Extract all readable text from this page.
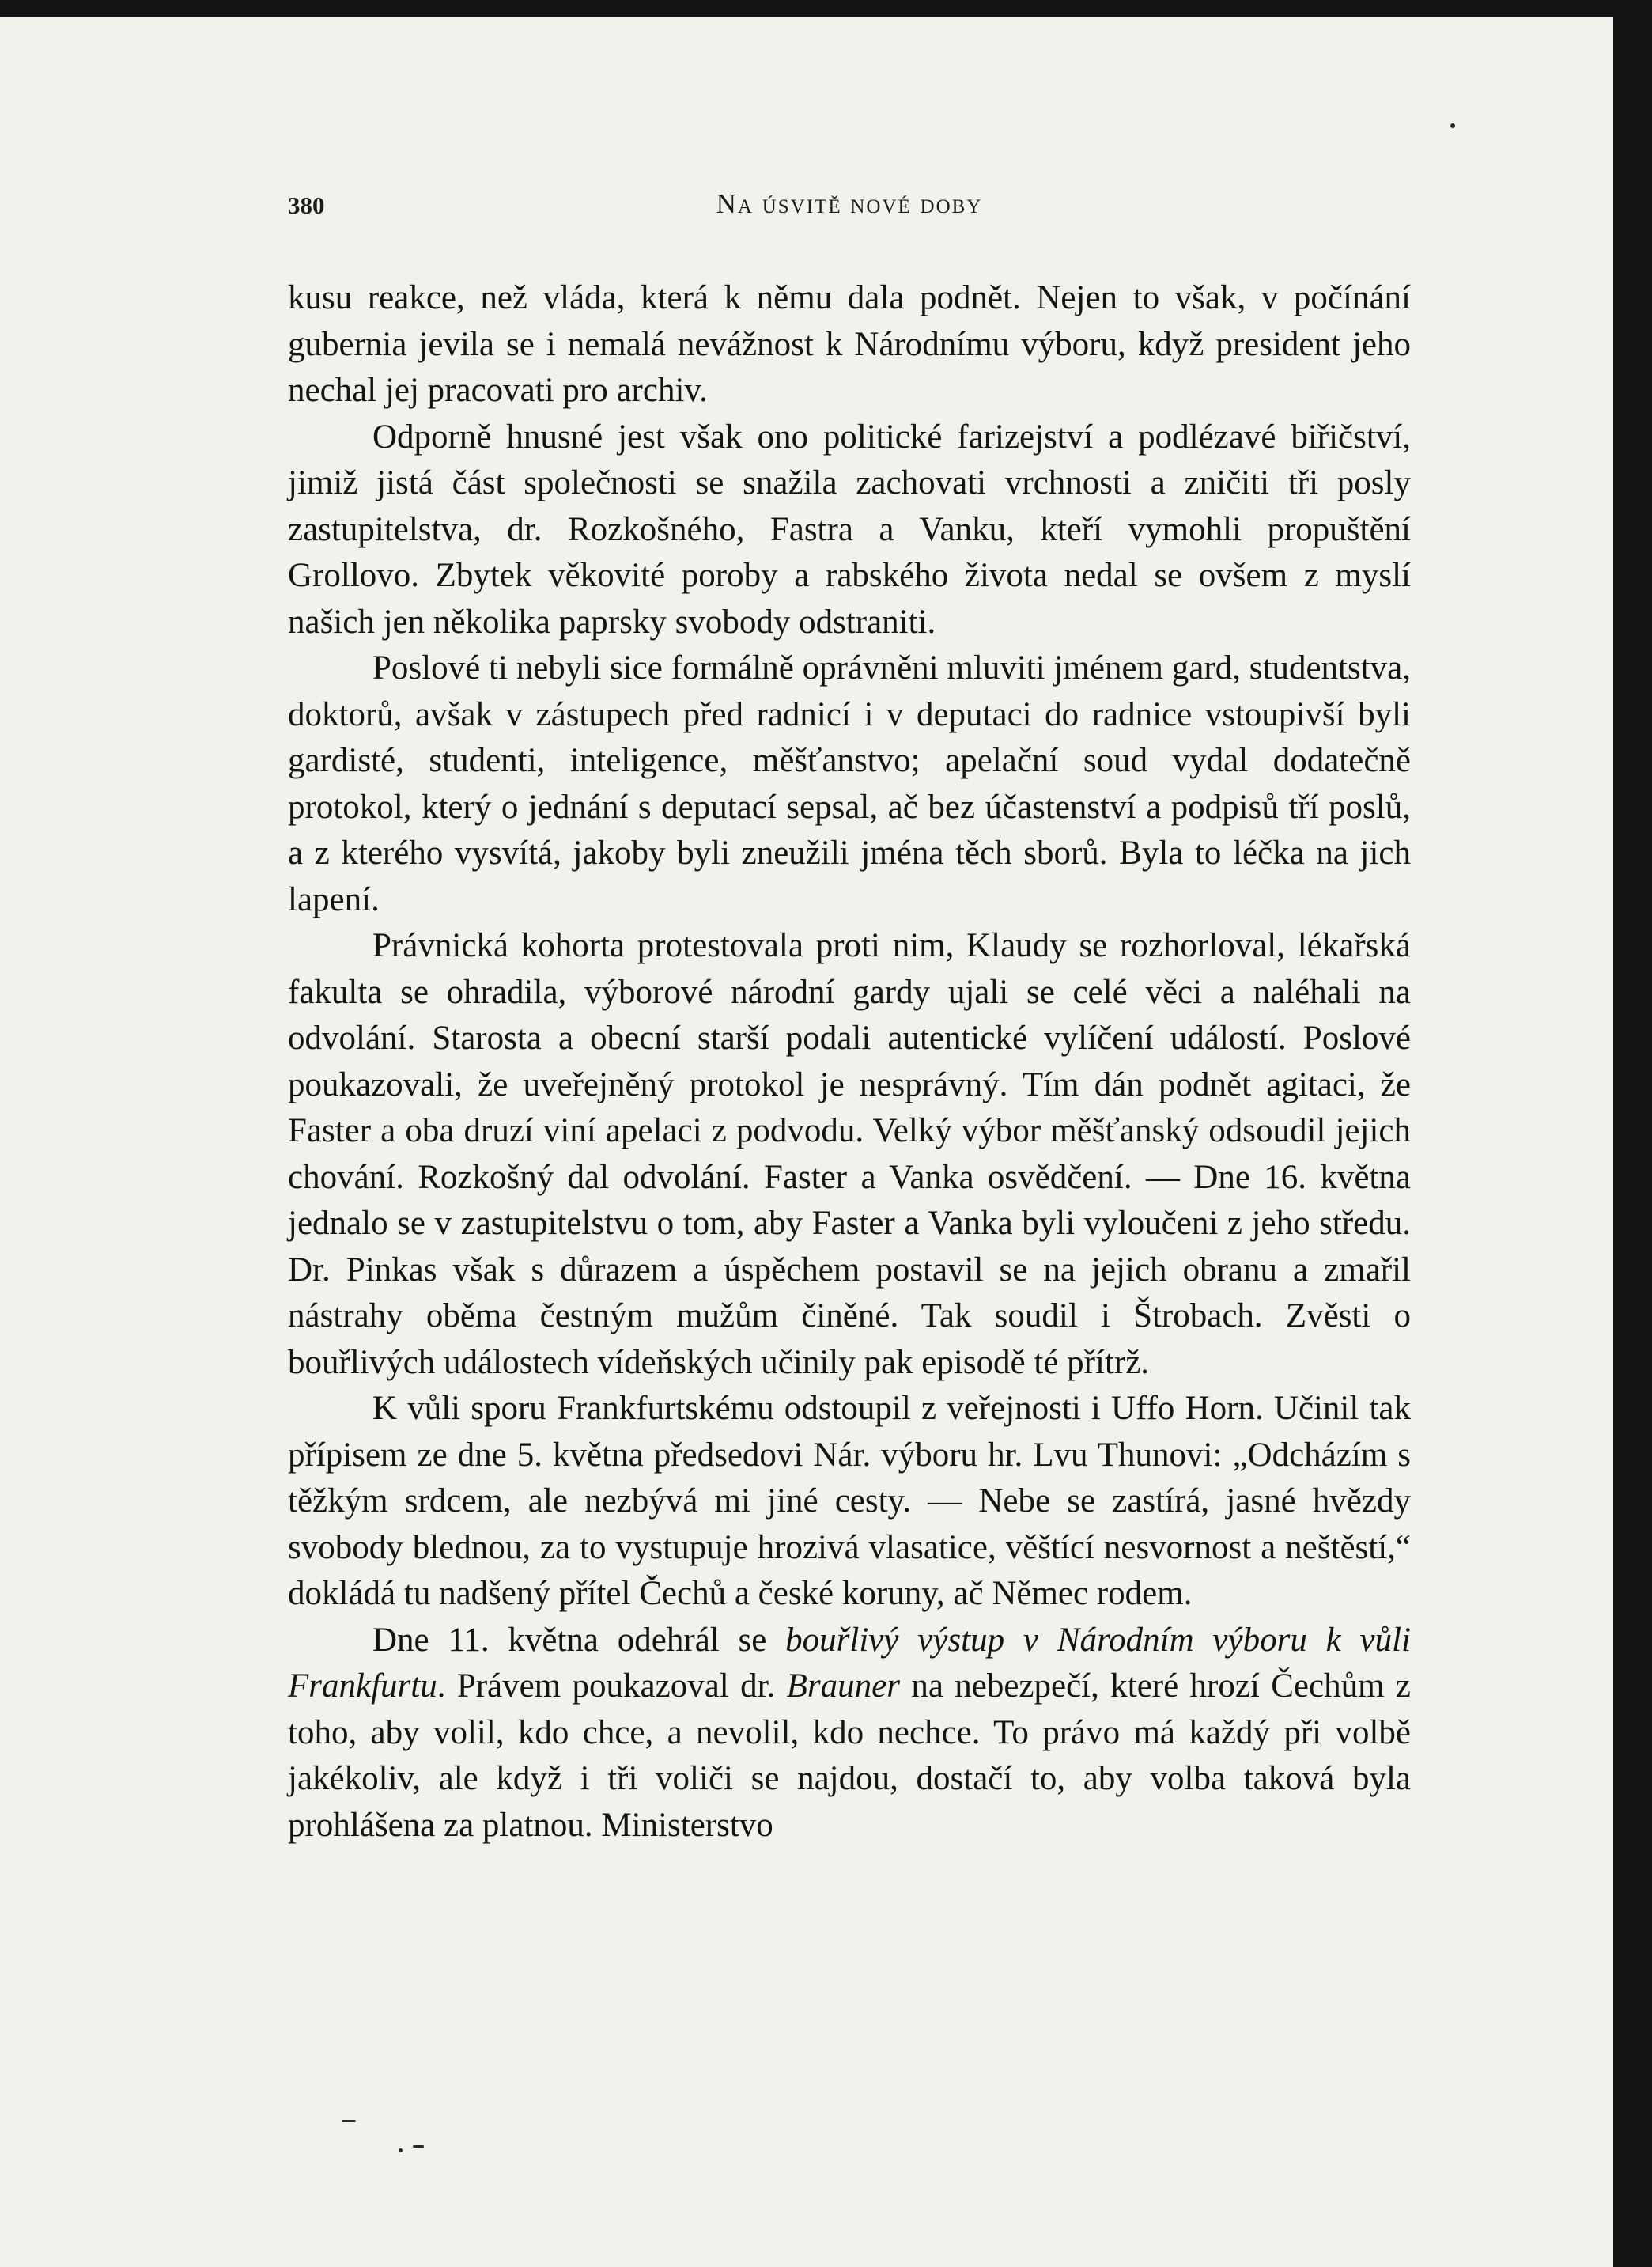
380	Na úsvitě nové doby

kusu reakce, než vláda, která k němu dala podnět. Nejen to však, v počínání gubernia jevila se i nemalá nevážnost k Národnímu výboru, když president jeho nechal jej pracovati pro archiv.

Odporně hnusné jest však ono politické farizejství a podlézavé biřičství, jimiž jistá část společnosti se snažila zachovati vrchnosti a zničiti tři posly zastupitelstva, dr. Rozkošného, Fastra a Vanku, kteří vymohli propuštění Grollovo. Zbytek věkovité poroby a rabského života nedal se ovšem z myslí našich jen několika paprsky svobody odstraniti.

Poslové ti nebyli sice formálně oprávněni mluviti jménem gard, studentstva, doktorů, avšak v zástupech před radnicí i v deputaci do radnice vstoupivší byli gardisté, studenti, inteligence, měšťanstvo; apelační soud vydal dodatečně protokol, který o jednání s deputací sepsal, ač bez účastenství a podpisů tří poslů, a z kterého vysvítá, jakoby byli zneužili jména těch sborů. Byla to léčka na jich lapení.

Právnická kohorta protestovala proti nim, Klaudy se rozhorloval, lékařská fakulta se ohradila, výborové národní gardy ujali se celé věci a naléhali na odvolání. Starosta a obecní starší podali autentické vylíčení událostí. Poslové poukazovali, že uveřejněný protokol je nesprávný. Tím dán podnět agitaci, že Faster a oba druzí viní apelaci z podvodu. Velký výbor měšťanský odsoudil jejich chování. Rozkošný dal odvolání. Faster a Vanka osvědčení. — Dne 16. května jednalo se v zastupitelstvu o tom, aby Faster a Vanka byli vyloučeni z jeho středu. Dr. Pinkas však s důrazem a úspěchem postavil se na jejich obranu a zmařil nástrahy oběma čestným mužům činěné. Tak soudil i Štrobach. Zvěsti o bouřlivých událostech vídeňských učinily pak episodě té přítrž.

K vůli sporu Frankfurtskému odstoupil z veřejnosti i Uffo Horn. Učinil tak přípisem ze dne 5. května předsedovi Nár. výboru hr. Lvu Thunovi: „Odcházím s těžkým srdcem, ale nezbývá mi jiné cesty. — Nebe se zastírá, jasné hvězdy svobody blednou, za to vystupuje hrozivá vlasatice, věštící nesvornost a neštěstí,“ dokládá tu nadšený přítel Čechů a české koruny, ač Němec rodem.

Dne 11. května odehrál se bouřlivý výstup v Národním výboru k vůli Frankfurtu. Právem poukazoval dr. Brauner na nebezpečí, které hrozí Čechům z toho, aby volil, kdo chce, a nevolil, kdo nechce. To právo má každý při volbě jakékoliv, ale když i tři voliči se najdou, dostačí to, aby volba taková byla prohlášena za platnou. Ministerstvo
